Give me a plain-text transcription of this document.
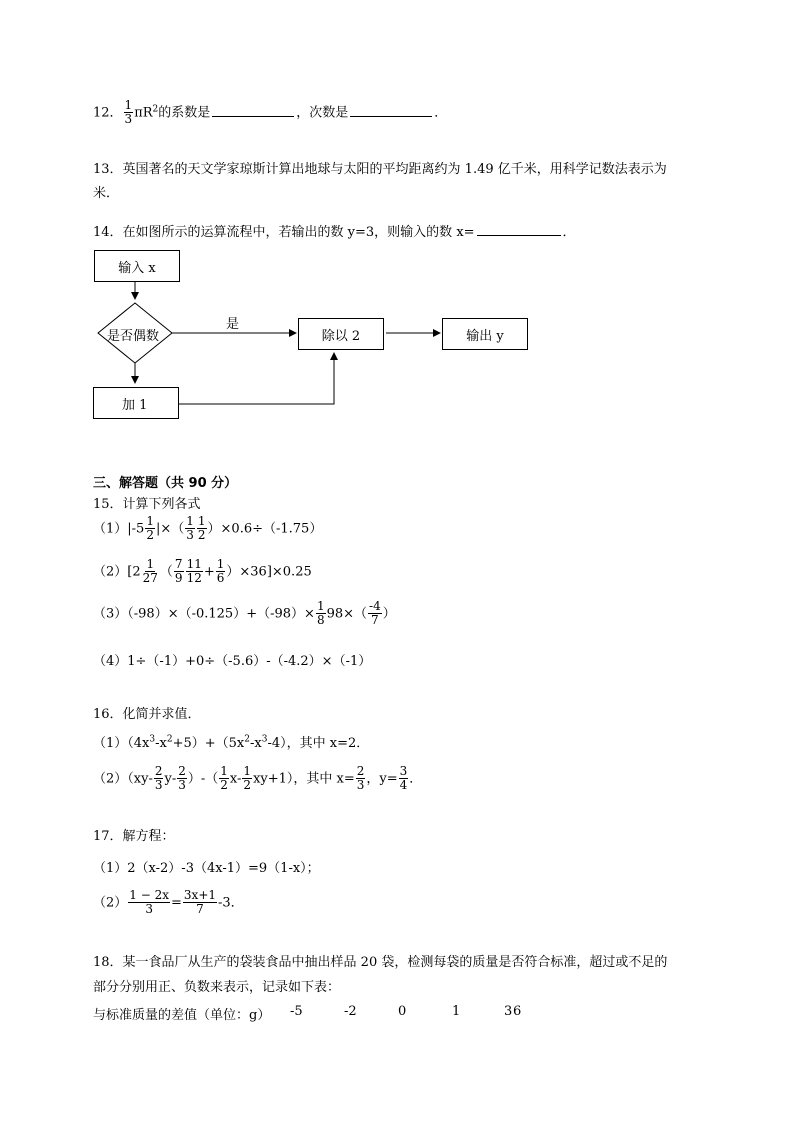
12． $\frac{1}{3} \pi R^2$的系数是	，次数是	．
13．英国著名的天文学家琼斯计算出地球与太阳的平均距离约为 1.49 亿千米，用科学记数法表示为
米．
14．在如图所示的运算流程中，若输出的数 y=3，则输入的数 x=	．
输入 x
是否偶数
是
除以 2	输出 y
加 1
三、解答题（共 90 分）
15．计算下列各式
$(1)|-5 \frac{1}{2}$ |×（ $\frac{1}{3} \frac{1}{2} )\times 0.6\div(-1.75)$
$(2)[2 \frac{1}{27}$ （ $\frac{7}{9} \frac{11}{12} + \frac{1}{6} )\times 36]\times 0.25$
$(3)(-98)\times(-0.125)+(-98)\times \frac{1}{8} 98\times( \frac{-4}{7}$ ）
（4）1÷（-1）+0÷（-5.6）-（-4.2）×（-1）
16．化简并求值．
$(1)(4x^3-x^2+5)+(5x^2-x^3-4)$，其中 x=2．
$(2)(xy- \frac{2}{3} y- \frac{2}{3}$ ）-（ $\frac{1}{2} x- \frac{1}{2} xy+1$），其中 $x= \frac{2}{3}$ ，$y= \frac{3}{4}$ ．
17．解方程：
（1）2（x-2）-3（4x-1）=9（1-x）；
$(2) \frac{1 - 2x}{3} = \frac{3x+1}{7} -3$．
18．某一食品厂从生产的袋装食品中抽出样品 20 袋，检测每袋的质量是否符合标准，超过或不足的
部分分别用正、负数来表示，记录如下表：
与标准质量的差值（单位：g） -5	-2	0	1	3 6
